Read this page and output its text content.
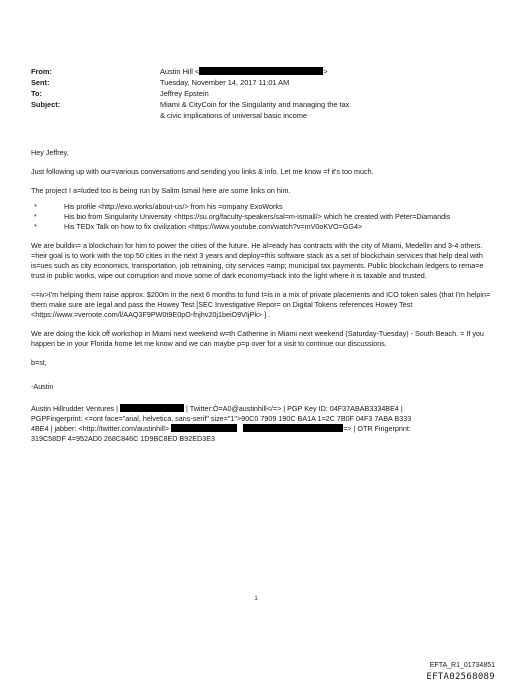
From:	Austin Hill <	>
Sent:	Tuesday, November 14, 2017 11:01 AM
To:	Jeffrey Epstein
Subject:	Miami & CityCoin for the Singularity and managing the tax & civic implications of universal basic income

Hey Jeffrey,

Just following up with our=various conversations and sending you links & info. Let me know =f it's too much.

The project I a=luded too is being run by Salim Ismail here are some links on him.

*	His profile <http://exo.works/about-us/> from his =ompany ExoWorks
*	His bio from Singularity University <https://su.org/faculty-speakers/sal=m-ismail/> which he created with Peter=Diamandis
*	His TEDx Talk on how to fix civilization <https://www.youtube.com/watch?v=mV0oKVO=GG4>

We are buildin= a blockchain for him to power the cities of the future. He al=eady has contracts with the city of Miami, Medellin and 3-4 others. =heir goal is to work with the top 50 cities in the next 3 years and deploy=this software stack as a set of blockchain services that help deal with is=ues such as city economics, transportation, job retraining, city services =amp; municipal tax payments. Public blockchain ledgers to rema=e trust in public works, wipe out corruption and move some of dark economy=back into the light where it is taxable and trusted.

<=iv>I'm helping them raise approx. $200m in the next 6 months to fund t=is in a mix of private placements and ICO token sales (that I'm helpin= them make sure are legal and pass the Howey Test [SEC Investigative Repor= on Digital Tokens references Howey Test <https://www.=vernote.com/l/AAQ3F9PW0t9E0pO-fnjhv20j1beiO9VIjPk> ] .

We are doing the kick off workshop in Miami next weekend w=th Catherine in Miami next weekend (Saturday-Tuesday) - South Beach. = If you happen be in your Florida home let me know and we can maybe p=p over for a visit to continue our discussions.

b=st,

-Austin

Austin Hillrudder Ventures |	| Twitter:Ò=A0@austinhill</=> | PGP Key ID: 04F37ABAB3334BE4 |
PGPFingerprint: <=ont face="arial, helvetica, sans-serif" size="1">90C0 7909 190C BA1A 1=2C 7B0F 04F3 7ABA B333
4BE4 | jabber: <http://twitter.com/austinhill>	=> | OTR Fingerprint:
319C58DF 4=952AD0 268C846C 1D9BC8ED B92ED3E3
1
EFTA_R1_01734851
EFTA02568089
